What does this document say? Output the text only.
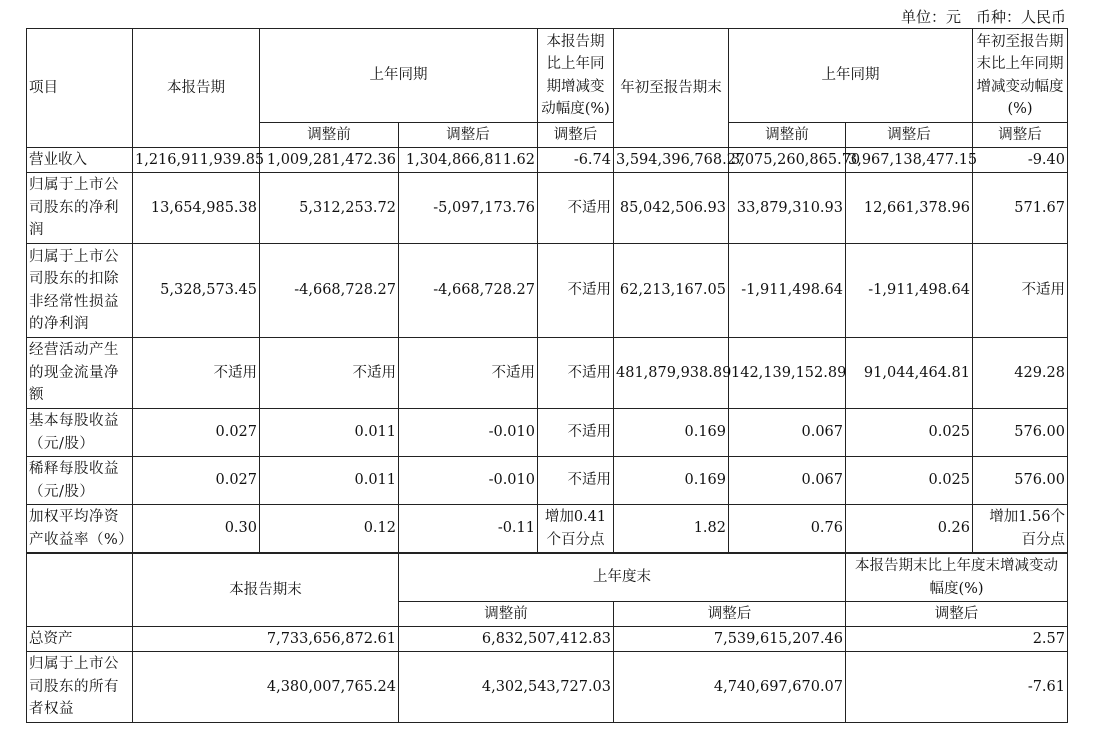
单位：元　币种：人民币
项目	本报告期	上年同期		本报告期比上年同期增减变动幅度(%)	年初至报告期末	上年同期		年初至报告期末比上年同期增减变动幅度(%)
		调整前	调整后	调整后		调整前	调整后	调整后
营业收入	1,216,911,939.85	1,009,281,472.36	1,304,866,811.62	-6.74	3,594,396,768.27	3,075,260,865.70	3,967,138,477.15	-9.40
归属于上市公司股东的净利润	13,654,985.38	5,312,253.72	-5,097,173.76	不适用	85,042,506.93	33,879,310.93	12,661,378.96	571.67
归属于上市公司股东的扣除非经常性损益的净利润	5,328,573.45	-4,668,728.27	-4,668,728.27	不适用	62,213,167.05	-1,911,498.64	-1,911,498.64	不适用
经营活动产生的现金流量净额	不适用	不适用	不适用	不适用	481,879,938.89	142,139,152.89	91,044,464.81	429.28
基本每股收益（元/股）	0.027	0.011	-0.010	不适用	0.169	0.067	0.025	576.00
稀释每股收益（元/股）	0.027	0.011	-0.010	不适用	0.169	0.067	0.025	576.00
加权平均净资产收益率（%）	0.30	0.12	-0.11	增加0.41个百分点	1.82	0.76	0.26	增加1.56个百分点
	本报告期末	上年度末		本报告期末比上年度末增减变动幅度(%)
		调整前	调整后	调整后
总资产	7,733,656,872.61	6,832,507,412.83	7,539,615,207.46	2.57
归属于上市公司股东的所有者权益	4,380,007,765.24	4,302,543,727.03	4,740,697,670.07	-7.61
